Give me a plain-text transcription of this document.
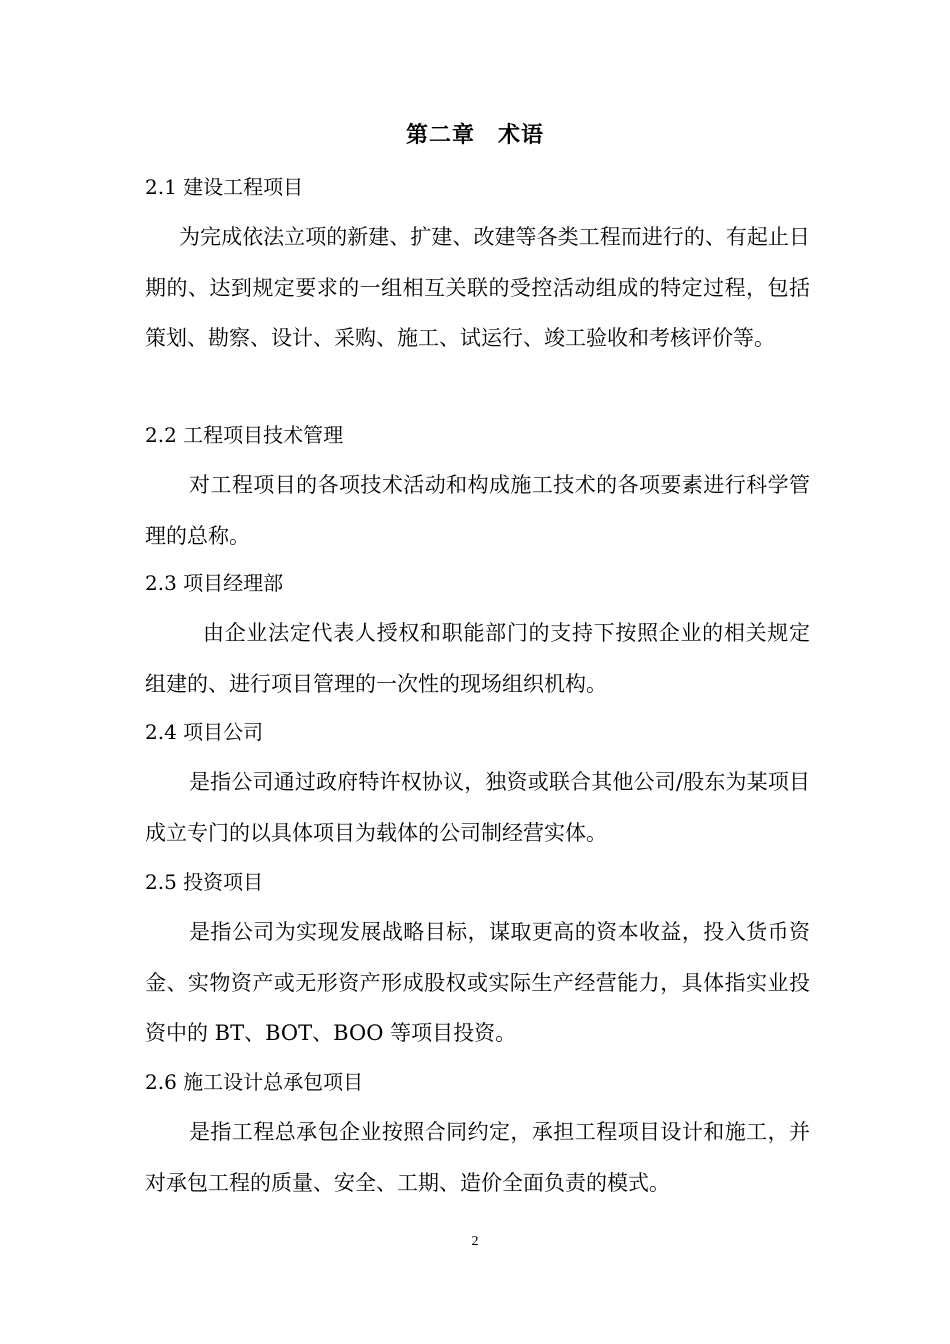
第二章　术语
2.1 建设工程项目
为完成依法立项的新建、扩建、改建等各类工程而进行的、有起止日期的、达到规定要求的一组相互关联的受控活动组成的特定过程，包括策划、勘察、设计、采购、施工、试运行、竣工验收和考核评价等。
2.2 工程项目技术管理
对工程项目的各项技术活动和构成施工技术的各项要素进行科学管理的总称。
2.3 项目经理部
由企业法定代表人授权和职能部门的支持下按照企业的相关规定组建的、进行项目管理的一次性的现场组织机构。
2.4 项目公司
是指公司通过政府特许权协议，独资或联合其他公司/股东为某项目成立专门的以具体项目为载体的公司制经营实体。
2.5 投资项目
是指公司为实现发展战略目标，谋取更高的资本收益，投入货币资金、实物资产或无形资产形成股权或实际生产经营能力，具体指实业投资中的 BT、BOT、BOO 等项目投资。
2.6 施工设计总承包项目
是指工程总承包企业按照合同约定，承担工程项目设计和施工，并对承包工程的质量、安全、工期、造价全面负责的模式。
2
